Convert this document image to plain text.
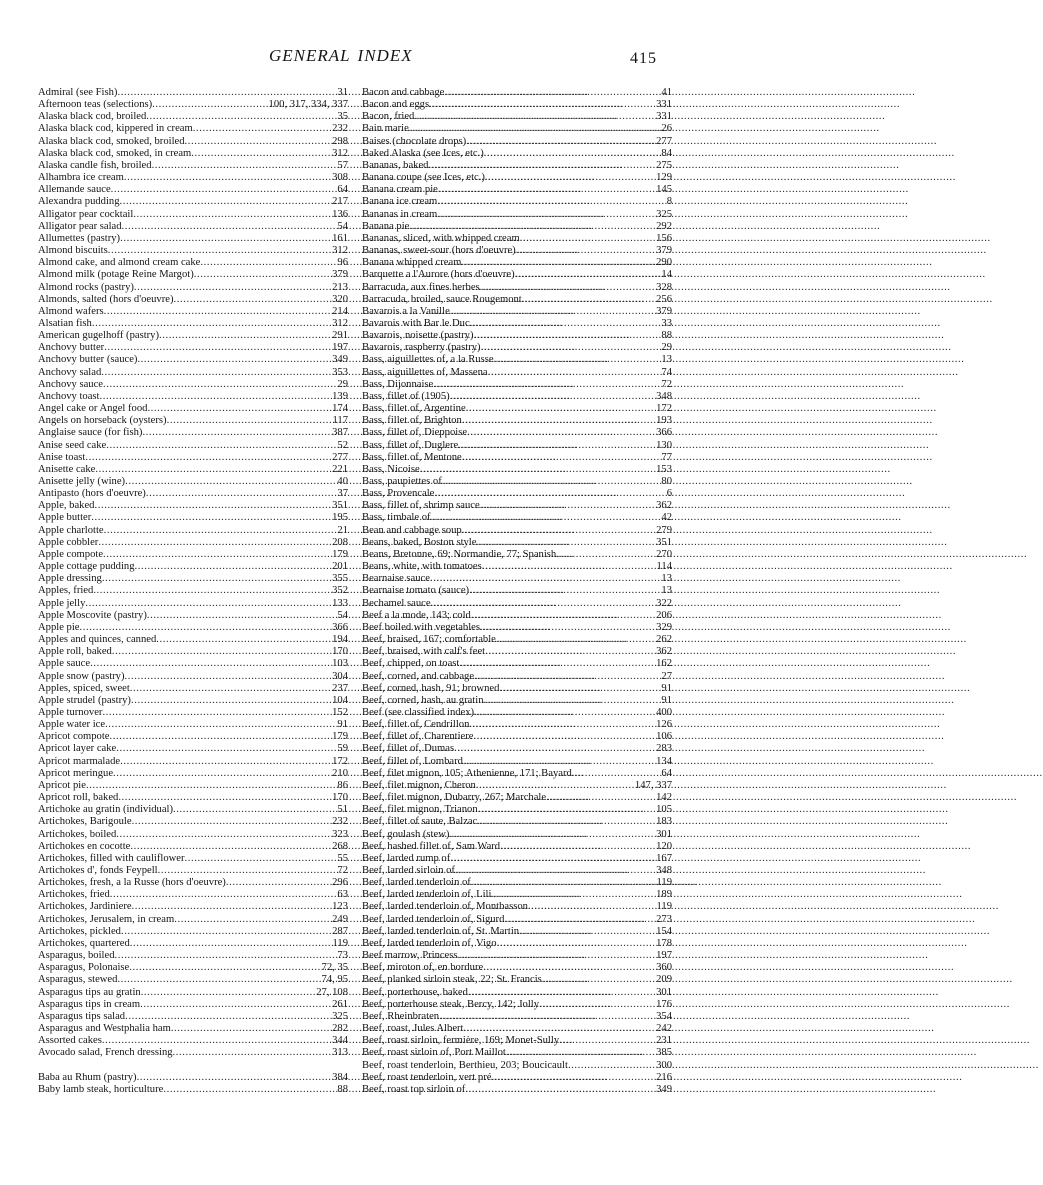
GENERAL INDEX	415
Admiral (see Fish) .....	31
Afternoon teas (selections) .....	100, 317, 334, 337
Alaska black cod, broiled .....	35
Alaska black cod, kippered in cream .....	232
Alaska black cod, smoked, broiled .....	298
Alaska black cod, smoked, in cream .....	312
Alaska candle fish, broiled .....	57
Alhambra ice cream .....	308
Allemande sauce .....	64
Alexandra pudding .....	217
Alligator pear cocktail .....	136
Alligator pear salad .....	54
Allumettes (pastry) .....	161
Almond biscuits .....	312
Almond cake, and almond cream cake .....	96
Almond milk (potage Reine Margot) .....	379
Almond rocks (pastry) .....	213
Almonds, salted (hors d'oeuvre) .....	320
Almond wafers .....	214
Alsatian fish .....	312
American gugelhoff (pastry) .....	291
Anchovy butter .....	197
Anchovy butter (sauce) .....	349
Anchovy salad .....	353
Anchovy sauce .....	29
Anchovy toast .....	139
Angel cake or Angel food .....	174
Angels on horseback (oysters) .....	117
Anglaise sauce (for fish) .....	387
Anise seed cake .....	52
Anise toast .....	277
Anisette cake .....	221
Anisette jelly (wine) .....	40
Antipasto (hors d'oeuvre) .....	37
Apple, baked .....	351
Apple butter .....	195
Apple charlotte .....	21
Apple cobbler .....	208
Apple compote .....	179
Apple cottage pudding .....	201
Apple dressing .....	355
Apples, fried .....	352
Apple jelly .....	133
Apple Moscovite (pastry) .....	54
Apple pie .....	366
Apples and quinces, canned .....	194
Apple roll, baked .....	170
Apple sauce .....	103
Apple snow (pastry) .....	304
Apples, spiced, sweet .....	237
Apple strudel (pastry) .....	104
Apple turnover .....	152
Apple water ice .....	91
Apricot compote .....	179
Apricot layer cake .....	59
Apricot marmalade .....	172
Apricot meringue .....	210
Apricot pie .....	86
Apricot roll, baked .....	170
Artichoke au gratin (individual) .....	51
Artichokes, Barigoule .....	232
Artichokes, boiled .....	323
Artichokes en cocotte .....	268
Artichokes, filled with cauliflower .....	55
Artichokes d', fonds Feypell .....	72
Artichokes, fresh, a la Russe (hors d'oeuvre) .....	296
Artichokes, fried .....	63
Artichokes, Jardiniere .....	123
Artichokes, Jerusalem, in cream .....	249
Artichokes, pickled .....	287
Artichokes, quartered .....	119
Asparagus, boiled .....	73
Asparagus, Polonaise .....	72, 35
Asparagus, stewed .....	74, 95
Asparagus tips au gratin .....	27, 108
Asparagus tips in cream .....	261
Asparagus tips salad .....	325
Asparagus and Westphalia ham .....	282
Assorted cakes .....	344
Avocado salad, French dressing .....	313
Baba au Rhum (pastry) .....	384
Baby lamb steak, horticulture .....	88
Bacon and cabbage .....	41
Bacon and eggs .....	331
Bacon, fried .....	331
Bain marie .....	26
Baises (chocolate drops) .....	277
Baked Alaska (see Ices, etc.) .....	84
Bananas, baked .....	275
Banana coupe (see Ices, etc.) .....	129
Banana cream pie .....	145
Banana ice cream .....	8
Bananas in cream .....	325
Banana pie .....	292
Bananas, sliced, with whipped cream .....	156
Bananas, sweet-sour (hors d'oeuvre) .....	379
Banana whipped cream .....	290
Barquette a l'Aurore (hors d'oeuvre) .....	14
Barracuda, aux fines herbes .....	328
Barracuda, broiled, sauce Rougemont .....	256
Bavarois a la Vanille .....	379
Bavarois with Bar le Duc .....	33
Bavarois, noisette (pastry) .....	88
Bavarois, raspberry (pastry) .....	29
Bass, aiguillettes of, a la Russe .....	13
Bass, aiguillettes of, Massena .....	74
Bass, Dijonnaise .....	72
Bass, fillet of (1905) .....	348
Bass, fillet of, Argentine .....	172
Bass, fillet of, Brighton .....	193
Bass, fillet of, Dieppoise .....	366
Bass, fillet of, Duglere .....	130
Bass, fillet of, Mentone .....	77
Bass, Nicoise .....	153
Bass, paupiettes of .....	80
Bass, Provencale .....	6
Bass, fillet of, shrimp sauce .....	362
Bass, timbale of .....	42
Bean and cabbage soup .....	279
Beans, baked, Boston style .....	351
Beans, Bretonne, 69; Normandie, 77; Spanish .....	270
Beans, white, with tomatoes .....	114
Bearnaise sauce .....	13
Bearnaise tomato (sauce) .....	13
Bechamel sauce .....	322
Beef a la mode, 143; cold .....	206
Beef boiled with vegetables .....	329
Beef, braised, 167; comfortable .....	262
Beef, braised, with calf's feet .....	362
Beef, chipped, on toast .....	162
Beef, corned, and cabbage .....	27
Beef, corned, hash, 91; browned .....	91
Beef, corned, hash, au gratin .....	91
Beef (see classified index) .....	400
Beef, fillet of, Cendrillon .....	126
Beef, fillet of, Charentiere .....	106
Beef, fillet of, Dumas .....	283
Beef, fillet of, Lombard .....	134
Beef, filet mignon, 105; Athenienne, 171; Bayard .....	64
Beef, filet mignon, Cheron .....	147, 337
Beef, filet mignon, Dubarry, 267; Marchale .....	142
Beef, filet mignon, Trianon .....	105
Beef, fillet of saute, Balzac .....	183
Beef, goulash (stew) .....	301
Beef, hashed fillet of, Sam Ward .....	120
Beef, larded rump of .....	167
Beef, larded sirloin of .....	348
Beef, larded tenderloin of .....	119
Beef, larded tenderloin of, Lili .....	189
Beef, larded tenderloin of, Montbasson .....	119
Beef, larded tenderloin of, Sigurd .....	273
Beef, larded tenderloin of, St. Martin .....	154
Beef, larded tenderloin of, Vigo .....	178
Beef marrow, Princess .....	197
Beef, miroton of, en bordure .....	360
Beef, planked sirloin steak, 22; St. Francis .....	209
Beef, porterhouse, baked .....	301
Beef, porterhouse steak, Bercy, 142; Jolly .....	176
Beef, Rheinbraten .....	354
Beef, roast, Jules Albert .....	242
Beef, roast sirloin, fermière, 169; Monet-Sully .....	231
Beef, roast sirloin of, Port Maillot .....	385
Beef, roast tenderloin, Berthieu, 203; Boucicault .....	300
Beef, roast tenderloin, vert pré .....	216
Beef, roast top sirloin of .....	349
